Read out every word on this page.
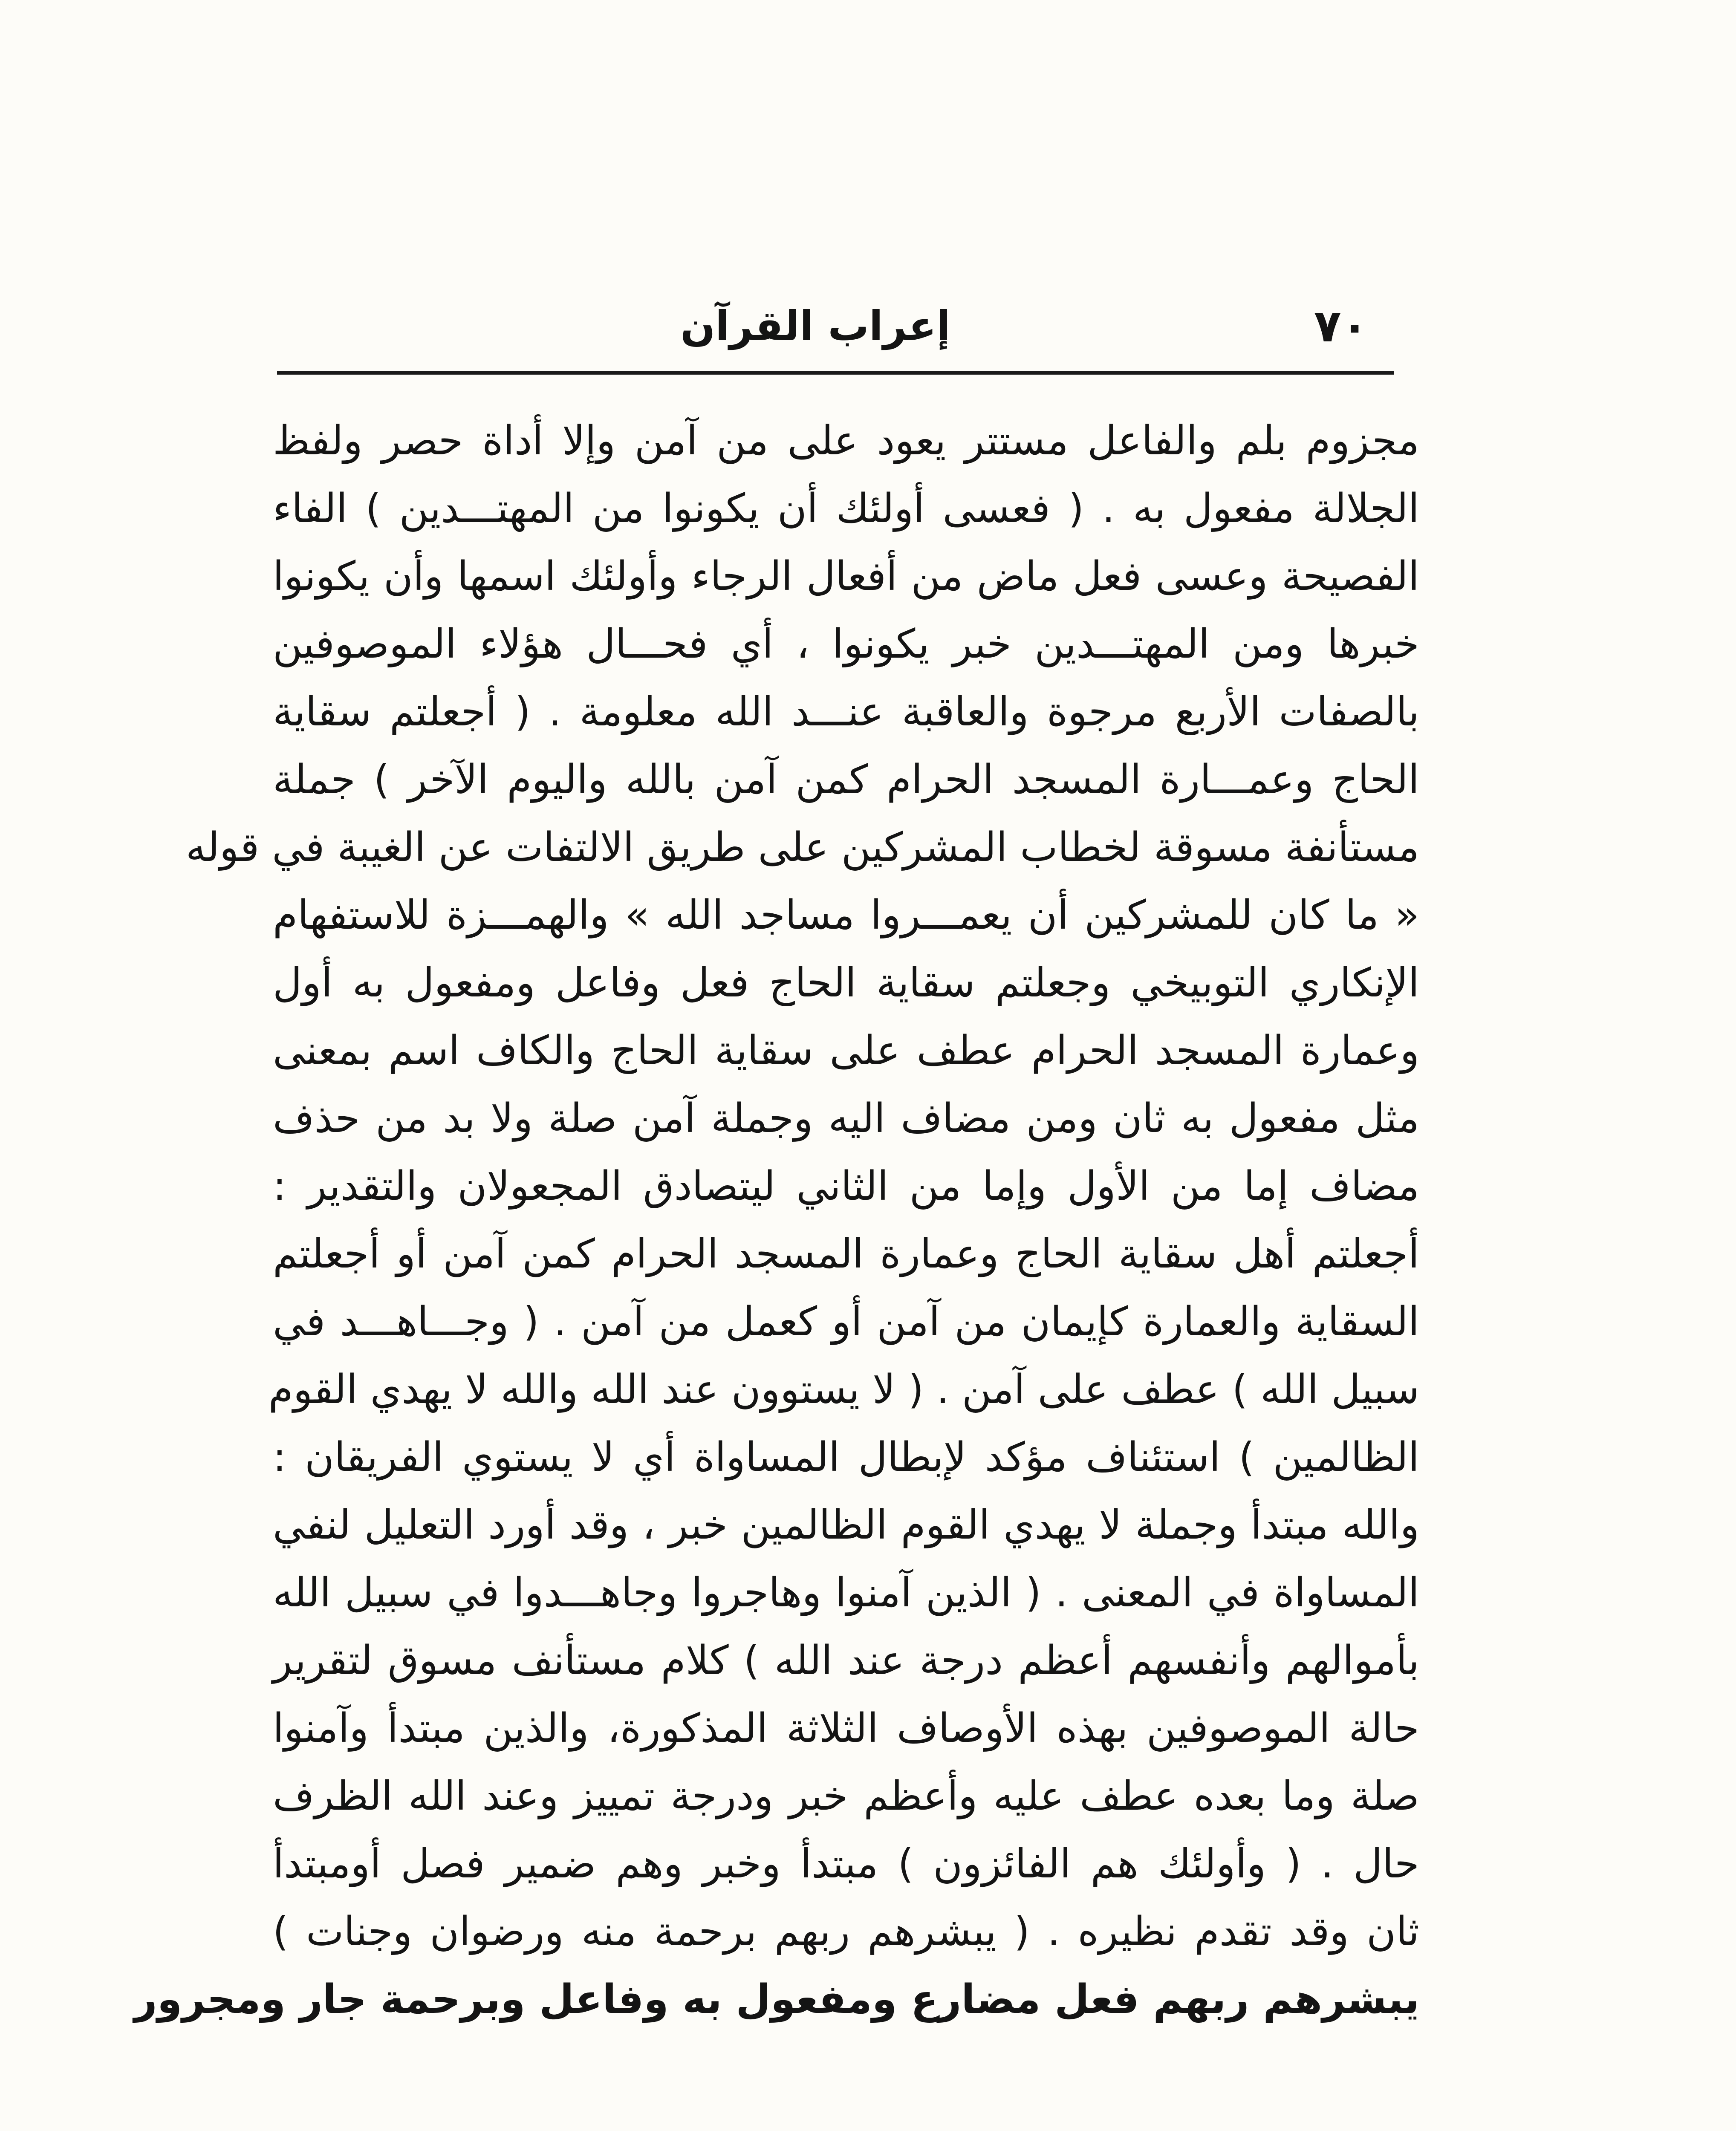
٧٠
إعراب القرآن
مجزوم بلم والفاعل مستتر يعود على من آمن وإلا أداة حصر ولفظ
الجلالة مفعول به . ( فعسى أولئك أن يكونوا من المهتـــدين ) الفاء
الفصيحة وعسى فعل ماض من أفعال الرجاء وأولئك اسمها وأن يكونوا
خبرها ومن المهتـــدين خبر يكونوا ، أي فحـــال هؤلاء الموصوفين
بالصفات الأربع مرجوة والعاقبة عنـــد الله معلومة . ( أجعلتم سقاية
الحاج وعمـــارة المسجد الحرام كمن آمن بالله واليوم الآخر ) جملة
مستأنفة مسوقة لخطاب المشركين على طريق الالتفات عن الغيبة في قوله
« ما كان للمشركين أن يعمـــروا مساجد الله » والهمـــزة للاستفهام
الإنكاري التوبيخي وجعلتم سقاية الحاج فعل وفاعل ومفعول به أول
وعمارة المسجد الحرام عطف على سقاية الحاج والكاف اسم بمعنى
مثل مفعول به ثان ومن مضاف اليه وجملة آمن صلة ولا بد من حذف
مضاف إما من الأول وإما من الثاني ليتصادق المجعولان والتقدير :
أجعلتم أهل سقاية الحاج وعمارة المسجد الحرام كمن آمن أو أجعلتم
السقاية والعمارة كإيمان من آمن أو كعمل من آمن . ( وجـــاهـــد في
سبيل الله ) عطف على آمن . ( لا يستوون عند الله والله لا يهدي القوم
الظالمين ) استئناف مؤكد لإبطال المساواة أي لا يستوي الفريقان :
والله مبتدأ وجملة لا يهدي القوم الظالمين خبر ، وقد أورد التعليل لنفي
المساواة في المعنى . ( الذين آمنوا وهاجروا وجاهـــدوا في سبيل الله
بأموالهم وأنفسهم أعظم درجة عند الله ) كلام مستأنف مسوق لتقرير
حالة الموصوفين بهذه الأوصاف الثلاثة المذكورة، والذين مبتدأ وآمنوا
صلة وما بعده عطف عليه وأعظم خبر ودرجة تمييز وعند الله الظرف
حال . ( وأولئك هم الفائزون ) مبتدأ وخبر وهم ضمير فصل أومبتدأ
ثان وقد تقدم نظيره . ( يبشرهم ربهم برحمة منه ورضوان وجنات )
يبشرهم ربهم فعل مضارع ومفعول به وفاعل وبرحمة جار ومجرور
